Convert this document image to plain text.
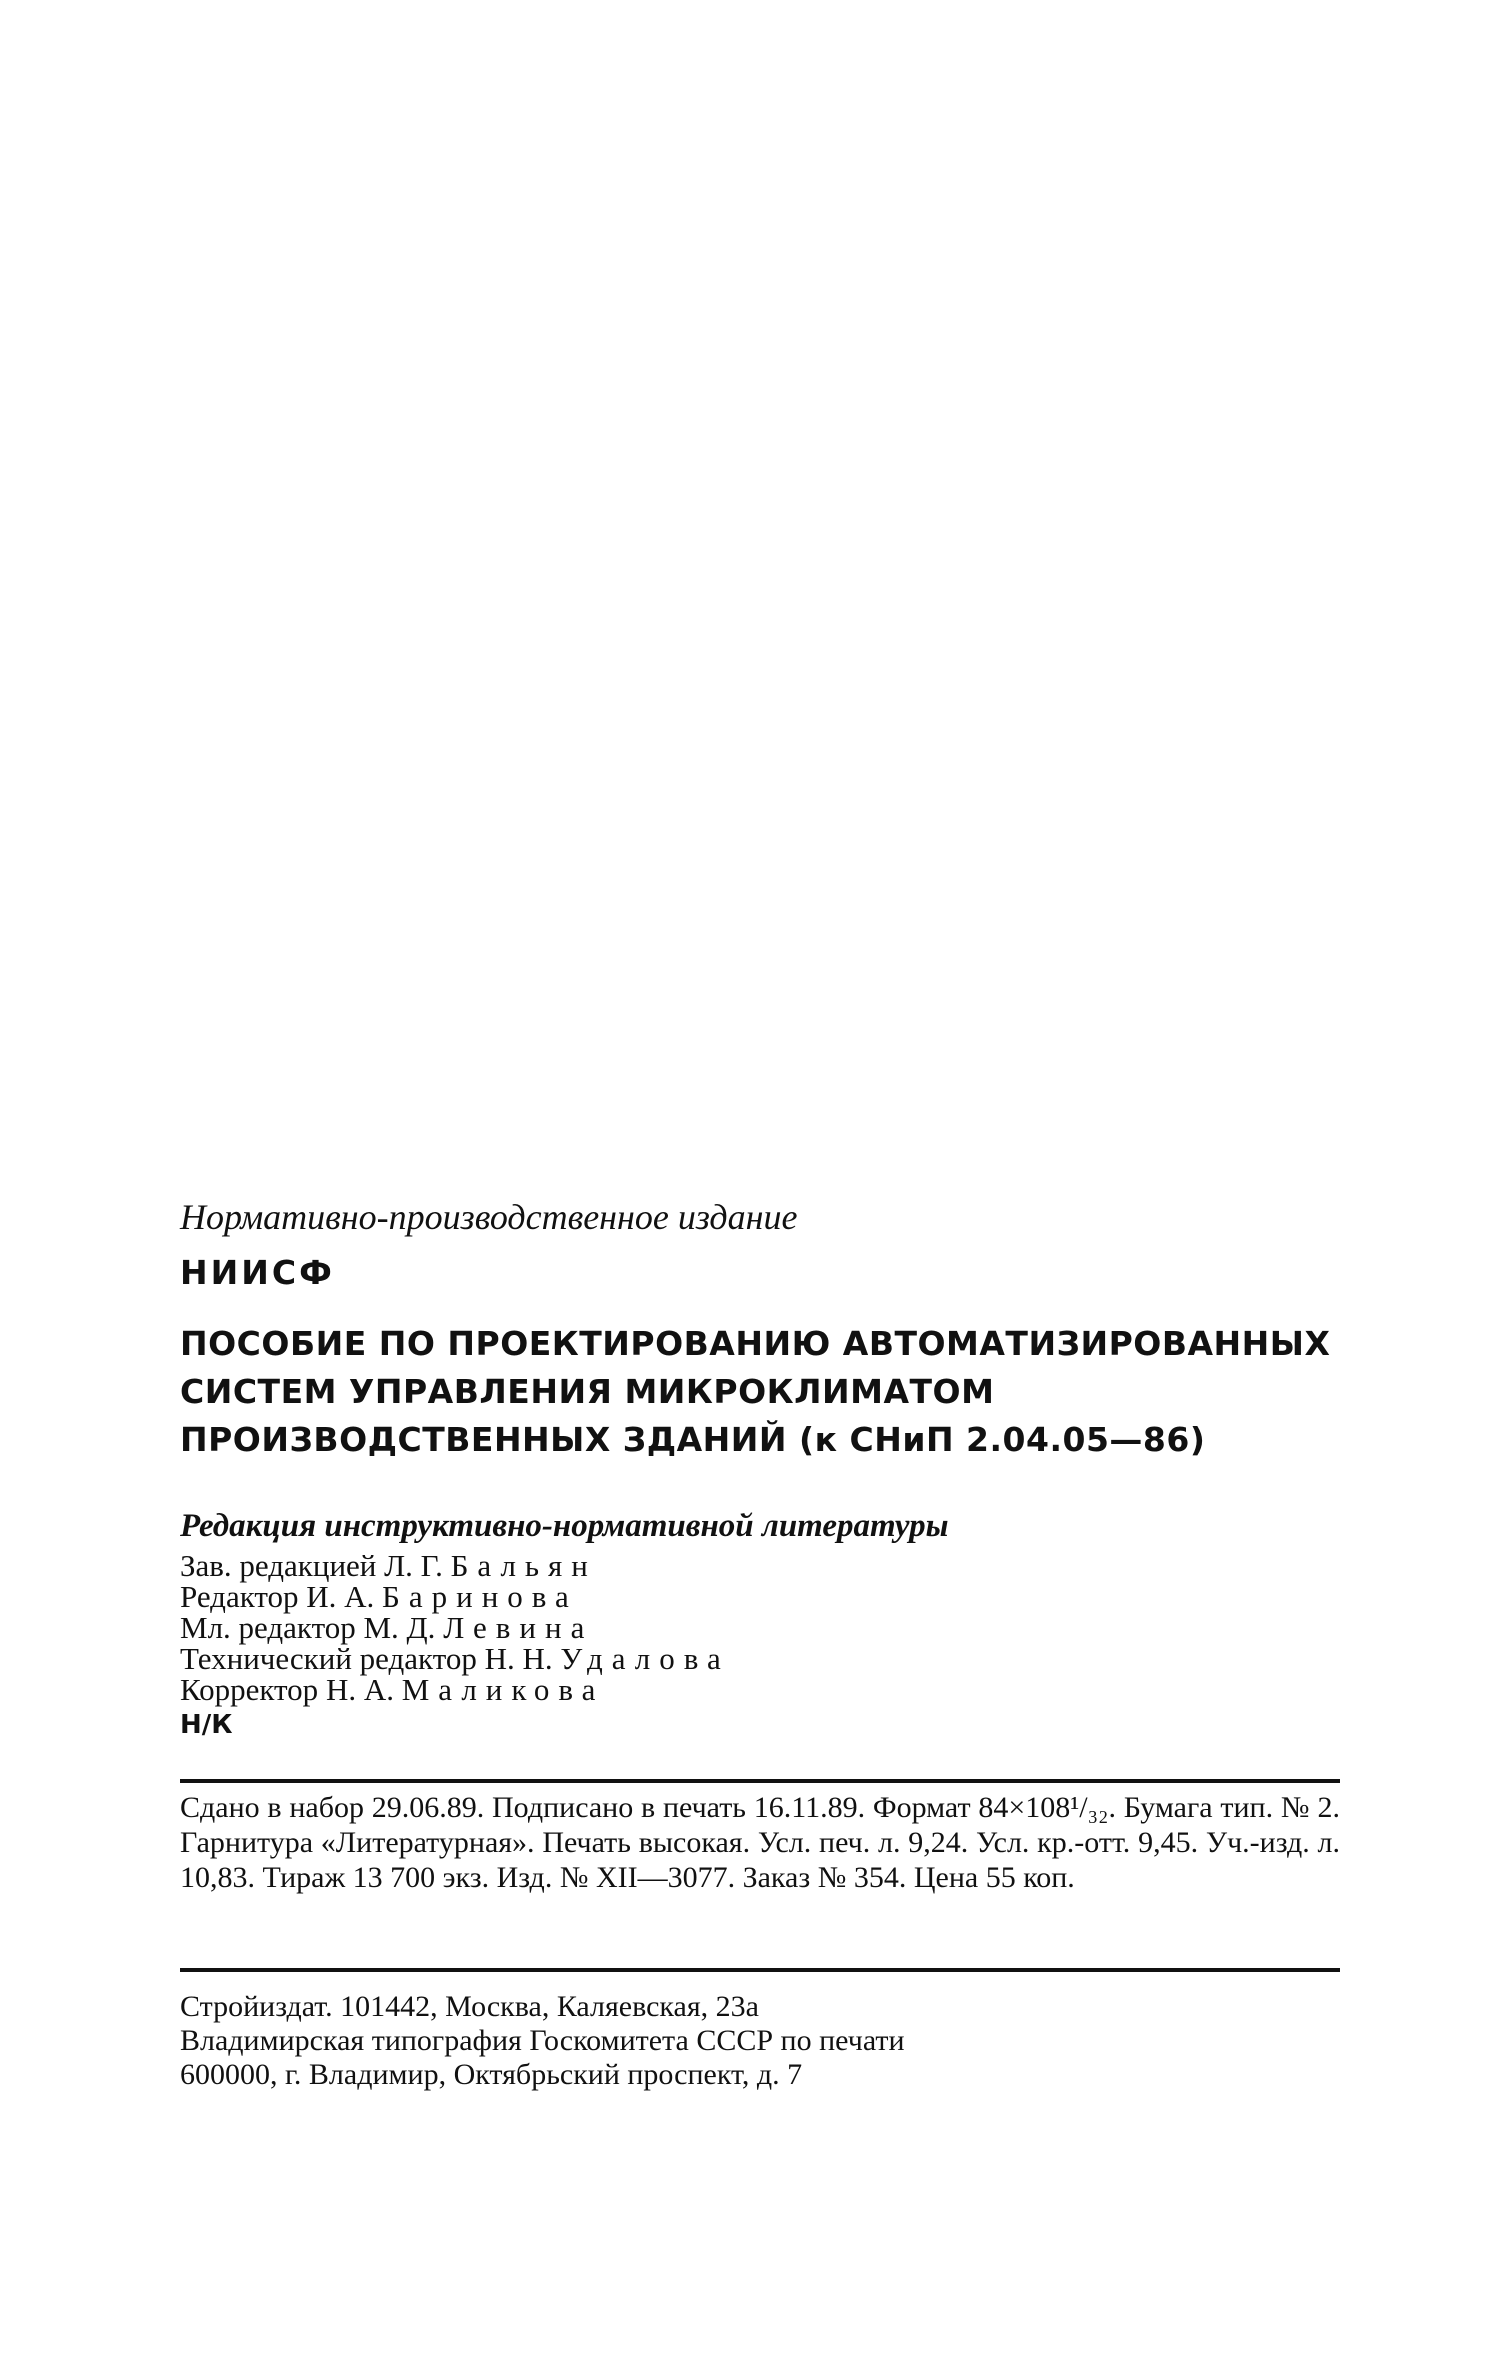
Нормативно-производственное издание
НИИСФ
ПОСОБИЕ ПО ПРОЕКТИРОВАНИЮ АВТОМАТИЗИРОВАННЫХ
СИСТЕМ УПРАВЛЕНИЯ МИКРОКЛИМАТОМ
ПРОИЗВОДСТВЕННЫХ ЗДАНИЙ (к СНиП 2.04.05—86)
Редакция инструктивно-нормативной литературы
Зав. редакцией Л. Г. Бальян
Редактор И. А. Баринова
Мл. редактор М. Д. Левина
Технический редактор Н. Н. Удалова
Корректор Н. А. Маликова
Н/К
Сдано в набор 29.06.89. Подписано в печать 16.11.89. Формат 84×108¹/₃₂. Бумага тип. № 2. Гарнитура «Литературная». Печать высокая. Усл. печ. л. 9,24. Усл. кр.-отт. 9,45. Уч.-изд. л. 10,83. Тираж 13 700 экз. Изд. № XII—3077. Заказ № 354. Цена 55 коп.
Стройиздат. 101442, Москва, Каляевская, 23а
Владимирская типография Госкомитета СССР по печати
600000, г. Владимир, Октябрьский проспект, д. 7
